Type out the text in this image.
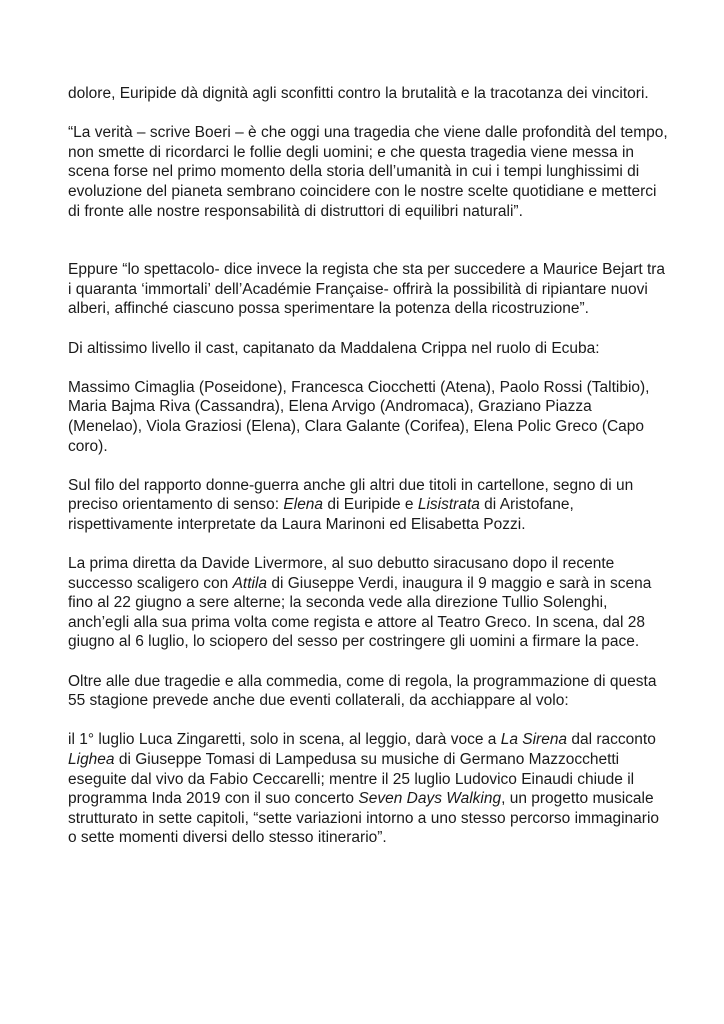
dolore, Euripide dà dignità agli sconfitti contro la brutalità e la tracotanza dei vincitori.

“La verità – scrive Boeri – è che oggi una tragedia che viene dalle profondità del tempo, non smette di ricordarci le follie degli uomini; e che questa tragedia viene messa in scena forse nel primo momento della storia dell’umanità in cui i tempi lunghissimi di evoluzione del pianeta sembrano coincidere con le nostre scelte quotidiane e metterci di fronte alle nostre responsabilità di distruttori di equilibri naturali”.

Eppure “lo spettacolo- dice invece la regista che sta per succedere a Maurice Bejart tra i quaranta ‘immortali’ dell’Académie Française- offrirà la possibilità di ripiantare nuovi alberi, affinché ciascuno possa sperimentare la potenza della ricostruzione”.

Di altissimo livello il cast, capitanato da Maddalena Crippa nel ruolo di Ecuba:

Massimo Cimaglia (Poseidone), Francesca Ciocchetti (Atena), Paolo Rossi (Taltibio), Maria Bajma Riva (Cassandra), Elena Arvigo (Andromaca), Graziano Piazza (Menelao), Viola Graziosi (Elena), Clara Galante (Corifea), Elena Polic Greco (Capo coro).

Sul filo del rapporto donne-guerra anche gli altri due titoli in cartellone, segno di un preciso orientamento di senso: Elena di Euripide e Lisistrata di Aristofane, rispettivamente interpretate da Laura Marinoni ed Elisabetta Pozzi.

La prima diretta da Davide Livermore, al suo debutto siracusano dopo il recente successo scaligero con Attila di Giuseppe Verdi, inaugura il 9 maggio e sarà in scena fino al 22 giugno a sere alterne; la seconda vede alla direzione Tullio Solenghi, anch’egli alla sua prima volta come regista e attore al Teatro Greco. In scena, dal 28 giugno al 6 luglio, lo sciopero del sesso per costringere gli uomini a firmare la pace.

Oltre alle due tragedie e alla commedia, come di regola, la programmazione di questa 55 stagione prevede anche due eventi collaterali, da acchiappare al volo:

il 1° luglio Luca Zingaretti, solo in scena, al leggio, darà voce a La Sirena dal racconto Lighea di Giuseppe Tomasi di Lampedusa su musiche di Germano Mazzocchetti eseguite dal vivo da Fabio Ceccarelli; mentre il 25 luglio Ludovico Einaudi chiude il programma Inda 2019 con il suo concerto Seven Days Walking, un progetto musicale strutturato in sette capitoli, “sette variazioni intorno a uno stesso percorso immaginario o sette momenti diversi dello stesso itinerario”.
